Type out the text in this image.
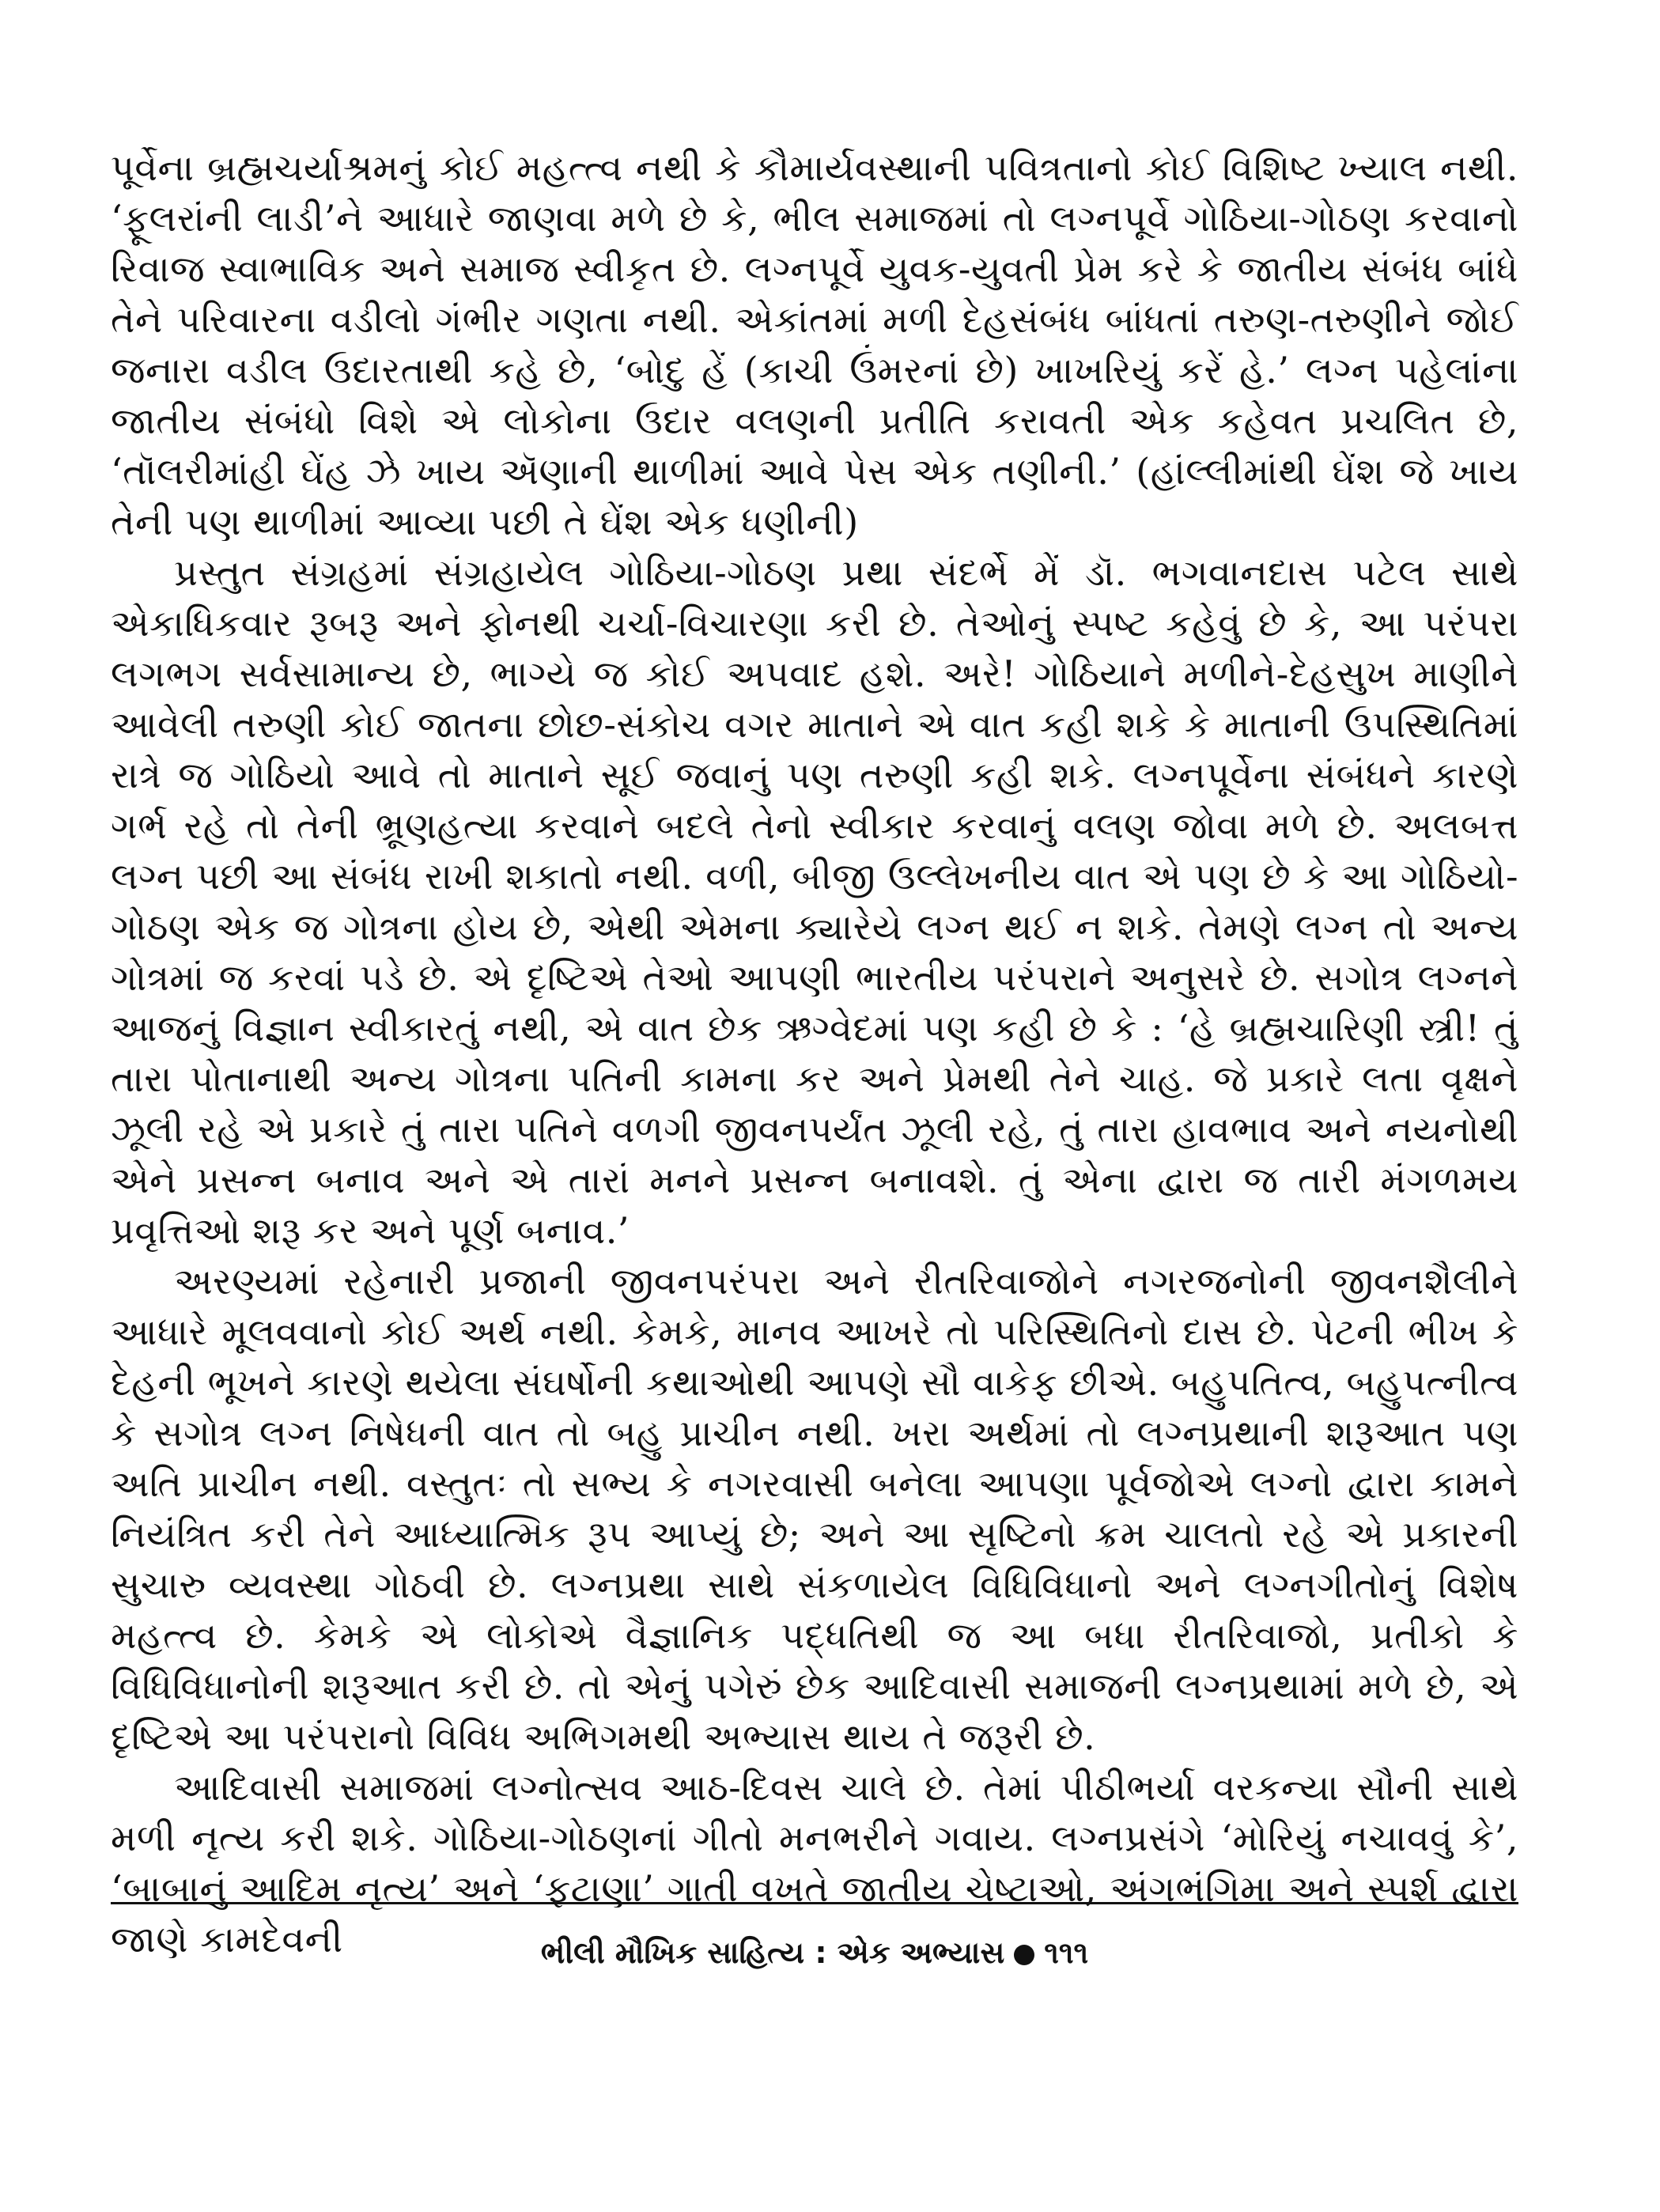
પૂર્વેના બ્રહ્મચર્યાશ્રમનું કોઈ મહત્ત્વ નથી કે કૌમાર્યવસ્થાની પવિત્રતાનો કોઈ વિશિષ્ટ ખ્યાલ નથી. ‘ફૂલરાંની લાડી’ને આધારે જાણવા મળે છે કે, ભીલ સમાજમાં તો લગ્નપૂર્વે ગોઠિયા-ગોઠણ કરવાનો રિવાજ સ્વાભાવિક અને સમાજ સ્વીકૃત છે. લગ્નપૂર્વે યુવક-યુવતી પ્રેમ કરે કે જાતીય સંબંધ બાંધે તેને પરિવારના વડીલો ગંભીર ગણતા નથી. એકાંતમાં મળી દેહસંબંધ બાંધતાં તરુણ-તરુણીને જોઈ જનારા વડીલ ઉદારતાથી કહે છે, ‘બોદુ હેં (કાચી ઉંમરનાં છે) ખાખરિયું કરેં હે.’ લગ્ન પહેલાંના જાતીય સંબંધો વિશે એ લોકોના ઉદાર વલણની પ્રતીતિ કરાવતી એક કહેવત પ્રચલિત છે, ‘તૉલરીમાંહી ઘેંહ ઝે ખાય ઍણાની થાળીમાં આવે પેસ એક તણીની.’ (હાંલ્લીમાંથી ઘેંશ જે ખાય તેની પણ થાળીમાં આવ્યા પછી તે ઘેંશ એક ધણીની)

પ્રસ્તુત સંગ્રહમાં સંગ્રહાયેલ ગોઠિયા-ગોઠણ પ્રથા સંદર્ભે મેં ડૉ. ભગવાનદાસ પટેલ સાથે એકાધિકવાર રૂબરૂ અને ફોનથી ચર્ચા-વિચારણા કરી છે. તેઓનું સ્પષ્ટ કહેવું છે કે, આ પરંપરા લગભગ સર્વસામાન્ય છે, ભાગ્યે જ કોઈ અપવાદ હશે. અરે! ગોઠિયાને મળીને-દેહસુખ માણીને આવેલી તરુણી કોઈ જાતના છોછ-સંકોચ વગર માતાને એ વાત કહી શકે કે માતાની ઉપસ્થિતિમાં રાત્રે જ ગોઠિયો આવે તો માતાને સૂઈ જવાનું પણ તરુણી કહી શકે. લગ્નપૂર્વેના સંબંધને કારણે ગર્ભ રહે તો તેની ભ્રૂણહત્યા કરવાને બદલે તેનો સ્વીકાર કરવાનું વલણ જોવા મળે છે. અલબત્ત લગ્ન પછી આ સંબંધ રાખી શકાતો નથી. વળી, બીજી ઉલ્લેખનીય વાત એ પણ છે કે આ ગોઠિયો-ગોઠણ એક જ ગોત્રના હોય છે, એથી એમના ક્યારેયે લગ્ન થઈ ન શકે. તેમણે લગ્ન તો અન્ય ગોત્રમાં જ કરવાં પડે છે. એ દૃષ્ટિએ તેઓ આપણી ભારતીય પરંપરાને અનુસરે છે. સગોત્ર લગ્નને આજનું વિજ્ઞાન સ્વીકારતું નથી, એ વાત છેક ઋગ્વેદમાં પણ કહી છે કે : ‘હે બ્રહ્મચારિણી સ્ત્રી! તું તારા પોતાનાથી અન્ય ગોત્રના પતિની કામના કર અને પ્રેમથી તેને ચાહ. જે પ્રકારે લતા વૃક્ષને ઝૂલી રહે એ પ્રકારે તું તારા પતિને વળગી જીવનપર્યંત ઝૂલી રહે, તું તારા હાવભાવ અને નયનોથી એને પ્રસન્ન બનાવ અને એ તારાં મનને પ્રસન્ન બનાવશે. તું એના દ્વારા જ તારી મંગળમય પ્રવૃત્તિઓ શરૂ કર અને પૂર્ણ બનાવ.’

અરણ્યમાં રહેનારી પ્રજાની જીવનપરંપરા અને રીતરિવાજોને નગરજનોની જીવનશૈલીને આધારે મૂલવવાનો કોઈ અર્થ નથી. કેમકે, માનવ આખરે તો પરિસ્થિતિનો દાસ છે. પેટની ભીખ કે દેહની ભૂખને કારણે થયેલા સંઘર્ષોની કથાઓથી આપણે સૌ વાકેફ છીએ. બહુપતિત્વ, બહુપત્નીત્વ કે સગોત્ર લગ્ન નિષેધની વાત તો બહુ પ્રાચીન નથી. ખરા અર્થમાં તો લગ્નપ્રથાની શરૂઆત પણ અતિ પ્રાચીન નથી. વસ્તુતઃ તો સભ્ય કે નગરવાસી બનેલા આપણા પૂર્વજોએ લગ્નો દ્વારા કામને નિયંત્રિત કરી તેને આધ્યાત્મિક રૂપ આપ્યું છે; અને આ સૃષ્ટિનો ક્રમ ચાલતો રહે એ પ્રકારની સુચારુ વ્યવસ્થા ગોઠવી છે. લગ્નપ્રથા સાથે સંકળાયેલ વિધિવિધાનો અને લગ્નગીતોનું વિશેષ મહત્ત્વ છે. કેમકે એ લોકોએ વૈજ્ઞાનિક પદ્ધતિથી જ આ બધા રીતરિવાજો, પ્રતીકો કે વિધિવિધાનોની શરૂઆત કરી છે. તો એનું પગેરું છેક આદિવાસી સમાજની લગ્નપ્રથામાં મળે છે, એ દૃષ્ટિએ આ પરંપરાનો વિવિધ અભિગમથી અભ્યાસ થાય તે જરૂરી છે.

આદિવાસી સમાજમાં લગ્નોત્સવ આઠ-દિવસ ચાલે છે. તેમાં પીઠીભર્યા વરકન્યા સૌની સાથે મળી નૃત્ય કરી શકે. ગોઠિયા-ગોઠણનાં ગીતો મનભરીને ગવાય. લગ્નપ્રસંગે ‘મોરિયું નચાવવું કે’, ‘બાબાનું આદિમ નૃત્ય’ અને ‘ફટાણા’ ગાતી વખતે જાતીય ચેષ્ટાઓ, અંગભંગિમા અને સ્પર્શ દ્વારા જાણે કામદેવની	ભીલી મૌખિક સાહિત્ય : એક અભ્યાસ ૧૧૧
